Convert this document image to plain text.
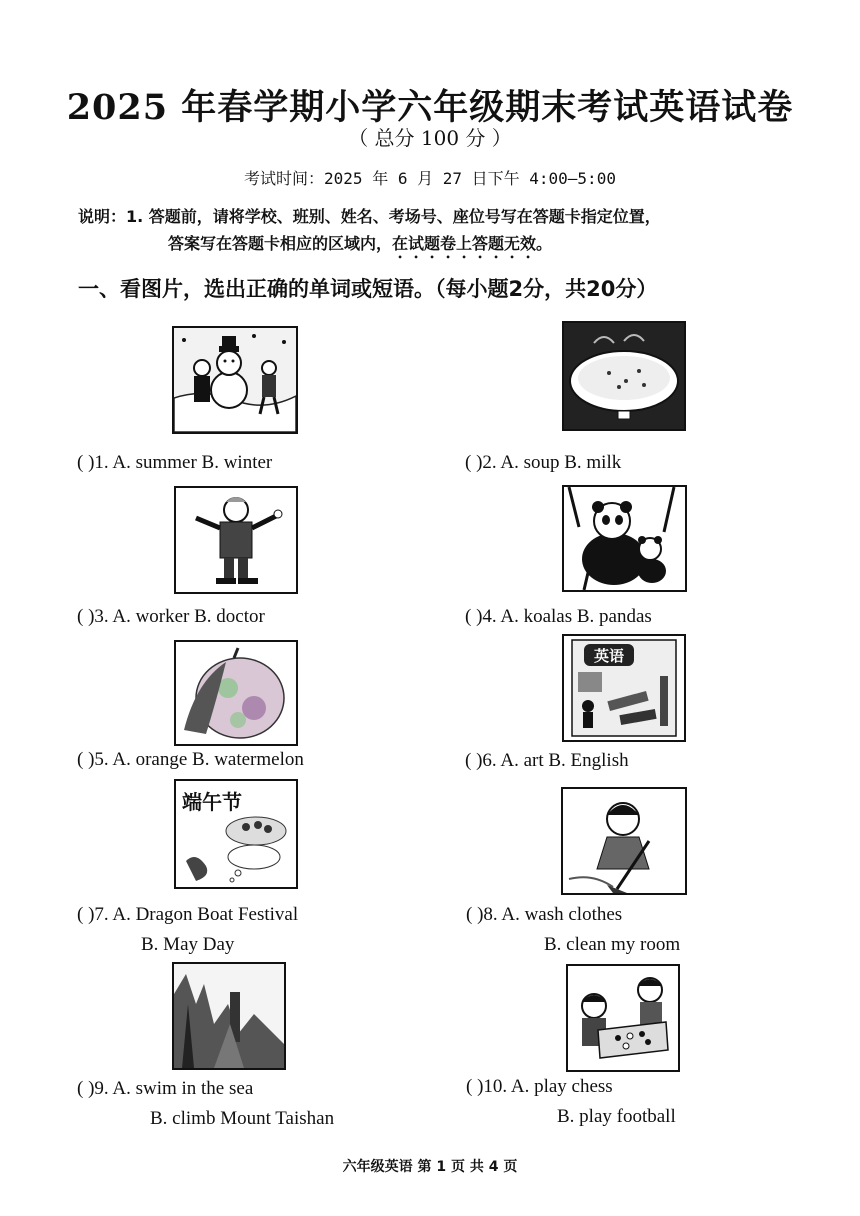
2025 年春学期小学六年级期末考试英语试卷
（ 总分 100 分 ）
考试时间：2025 年 6 月 27 日下午 4:00—5:00
说明：1. 答题前，请将学校、班别、姓名、考场号、座位号写在答题卡指定位置，
答案写在答题卡相应的区域内，在试题卷上答题无效。
一、看图片，选出正确的单词或短语。（每小题2分，共20分）
( )1. A. summer B. winter	( )2. A. soup B. milk
( )3. A. worker B. doctor	( )4. A. koalas B. pandas
英语
( )5. A. orange B. watermelon	( )6. A. art B. English
端午节
( )7. A. Dragon Boat Festival
B. May Day
( )8. A. wash clothes
B. clean my room
( )9. A. swim in the sea
B. climb Mount Taishan
( )10. A. play chess
B. play football
六年级英语 第 1 页 共 4 页
